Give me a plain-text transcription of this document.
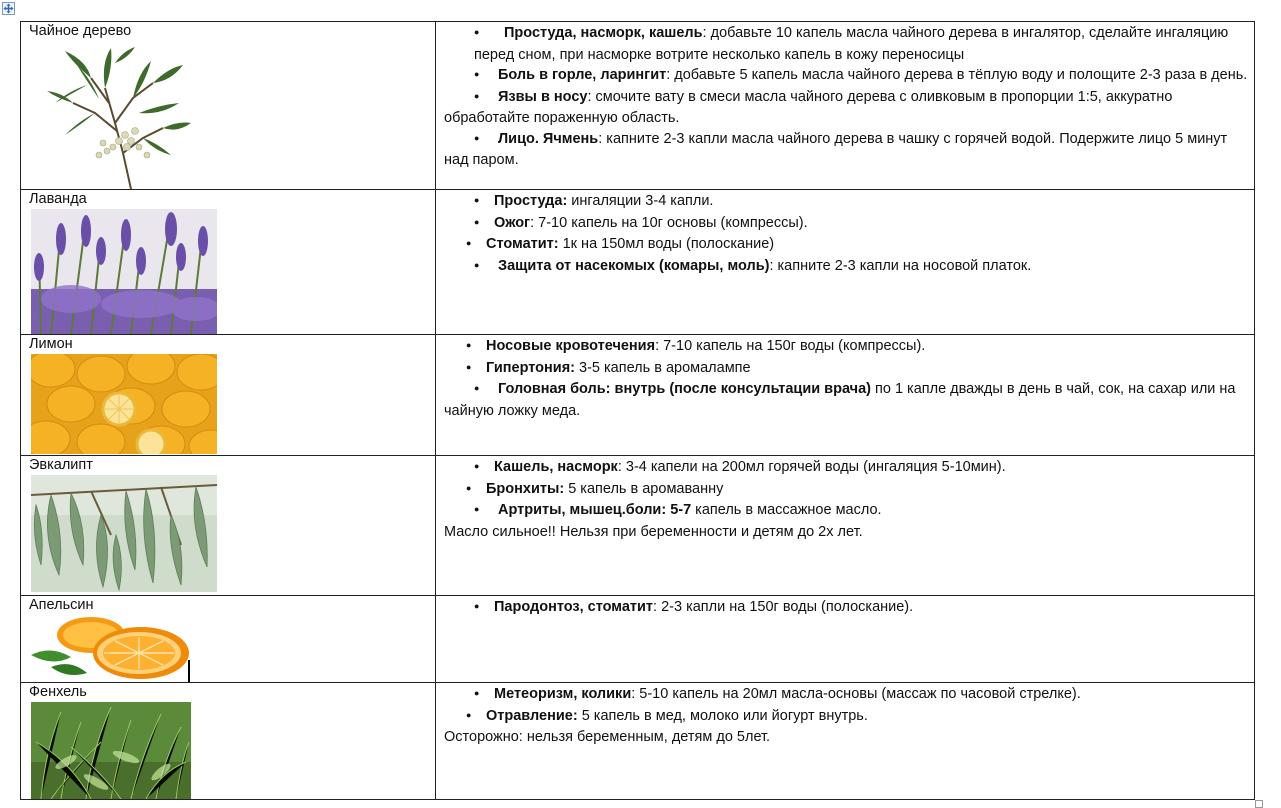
Чайное дерево	Простуда, насморк, кашель: добавьте 10 капель масла чайного дерева в ингалятор, сделайте ингаляцию перед сном, при насморке вотрите несколько капель в кожу переносицы

Боль в горле, ларингит: добавьте 5 капель масла чайного дерева в тёплую воду и полощите 2-3 раза в день.

Язвы в носу: смочите вату в смеси масла чайного дерева с оливковым в пропорции 1:5, аккуратно обработайте пораженную область.

Лицо. Ячмень: капните 2-3 капли масла чайного дерева в чашку с горячей водой. Подержите лицо 5 минут над паром.

Лаванда	Простуда: ингаляции 3-4 капли.

Ожог: 7-10 капель на 10г основы (компрессы).

Стоматит: 1к на 150мл воды (полоскание)

Защита от насекомых (комары, моль): капните 2-3 капли на носовой платок.

Лимон	Носовые кровотечения: 7-10 капель на 150г воды (компрессы).

Гипертония: 3-5 капель в аромалампе

Головная боль: внутрь (после консультации врача) по 1 капле дважды в день в чай, сок, на сахар или на чайную ложку меда.

Эвкалипт	Кашель, насморк: 3-4 капели на 200мл горячей воды (ингаляция 5-10мин).

Бронхиты: 5 капель в аромаванну

Артриты, мышец.боли: 5-7 капель в массажное масло.

Масло сильное!! Нельзя при беременности и детям до 2х лет.

Апельсин	Пародонтоз, стоматит: 2-3 капли на 150г воды (полоскание).

Фенхель	Метеоризм, колики: 5-10 капель на 20мл масла-основы (массаж по часовой стрелке).

Отравление: 5 капель в мед, молоко или йогурт внутрь.

Осторожно: нельзя беременным, детям до 5лет.
